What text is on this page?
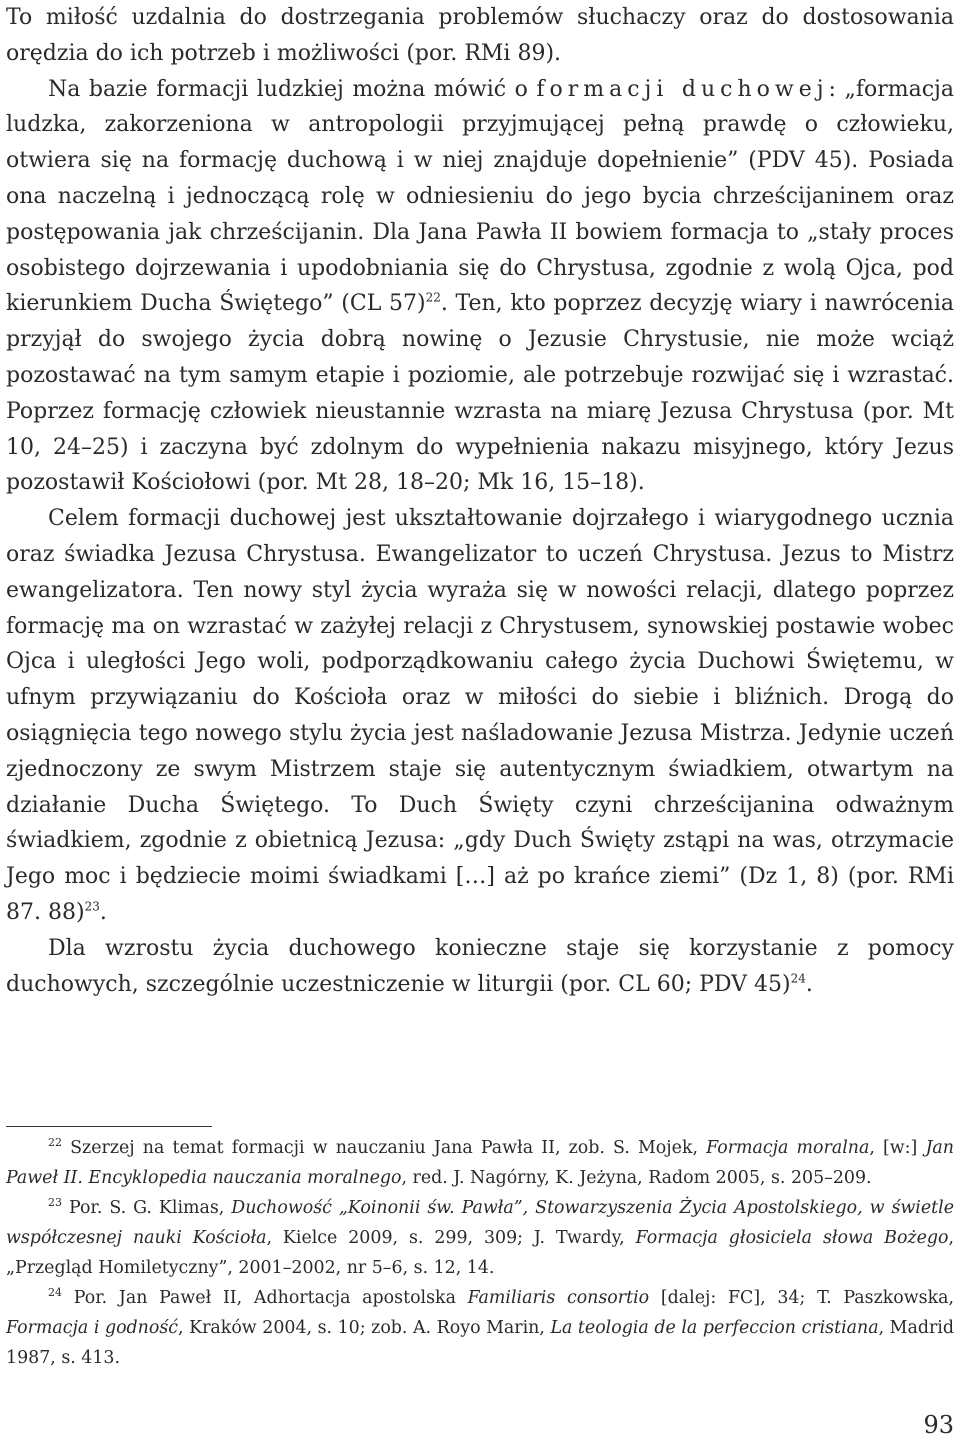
To miłość uzdalnia do dostrzegania problemów słuchaczy oraz do dostosowania orędzia do ich potrzeb i możliwości (por. RMi 89).

Na bazie formacji ludzkiej można mówić o formacji duchowej: „formacja ludzka, zakorzeniona w antropologii przyjmującej pełną prawdę o człowieku, otwiera się na formację duchową i w niej znajduje dopełnienie” (PDV 45). Posiada ona naczelną i jednoczącą rolę w odniesieniu do jego bycia chrześcijaninem oraz postępowania jak chrześcijanin. Dla Jana Pawła II bowiem formacja to „stały proces osobistego dojrzewania i upodobniania się do Chrystusa, zgodnie z wolą Ojca, pod kierunkiem Ducha Świętego” (CL 57)$^{22}$. Ten, kto poprzez decyzję wiary i nawrócenia przyjął do swojego życia dobrą nowinę o Jezusie Chrystusie, nie może wciąż pozostawać na tym samym etapie i poziomie, ale potrzebuje rozwijać się i wzrastać. Poprzez formację człowiek nieustannie wzrasta na miarę Jezusa Chrystusa (por. Mt 10, 24–25) i zaczyna być zdolnym do wypełnienia nakazu misyjnego, który Jezus pozostawił Kościołowi (por. Mt 28, 18–20; Mk 16, 15–18).

Celem formacji duchowej jest ukształtowanie dojrzałego i wiarygodnego ucznia oraz świadka Jezusa Chrystusa. Ewangelizator to uczeń Chrystusa. Jezus to Mistrz ewangelizatora. Ten nowy styl życia wyraża się w nowości relacji, dlatego poprzez formację ma on wzrastać w zażyłej relacji z Chrystusem, synowskiej postawie wobec Ojca i uległości Jego woli, podporządkowaniu całego życia Duchowi Świętemu, w ufnym przywiązaniu do Kościoła oraz w miłości do siebie i bliźnich. Drogą do osiągnięcia tego nowego stylu życia jest naśladowanie Jezusa Mistrza. Jedynie uczeń zjednoczony ze swym Mistrzem staje się autentycznym świadkiem, otwartym na działanie Ducha Świętego. To Duch Święty czyni chrześcijanina odważnym świadkiem, zgodnie z obietnicą Jezusa: „gdy Duch Święty zstąpi na was, otrzymacie Jego moc i będziecie moimi świadkami […] aż po krańce ziemi” (Dz 1, 8) (por. RMi 87. 88)$^{23}$.

Dla wzrostu życia duchowego konieczne staje się korzystanie z pomocy duchowych, szczególnie uczestniczenie w liturgii (por. CL 60; PDV 45)$^{24}$.

$^{22}$ Szerzej na temat formacji w nauczaniu Jana Pawła II, zob. S. Mojek, Formacja moralna, [w:] Jan Paweł II. Encyklopedia nauczania moralnego, red. J. Nagórny, K. Jeżyna, Radom 2005, s. 205–209.

$^{23}$ Por. S. G. Klimas, Duchowość „Koinonii św. Pawła”, Stowarzyszenia Życia Apostolskiego, w świetle współczesnej nauki Kościoła, Kielce 2009, s. 299, 309; J. Twardy, Formacja głosiciela słowa Bożego, „Przegląd Homiletyczny”, 2001–2002, nr 5–6, s. 12, 14.

$^{24}$ Por. Jan Paweł II, Adhortacja apostolska Familiaris consortio [dalej: FC], 34; T. Paszkowska, Formacja i godność, Kraków 2004, s. 10; zob. A. Royo Marin, La teologia de la perfeccion cristiana, Madrid 1987, s. 413.

93
